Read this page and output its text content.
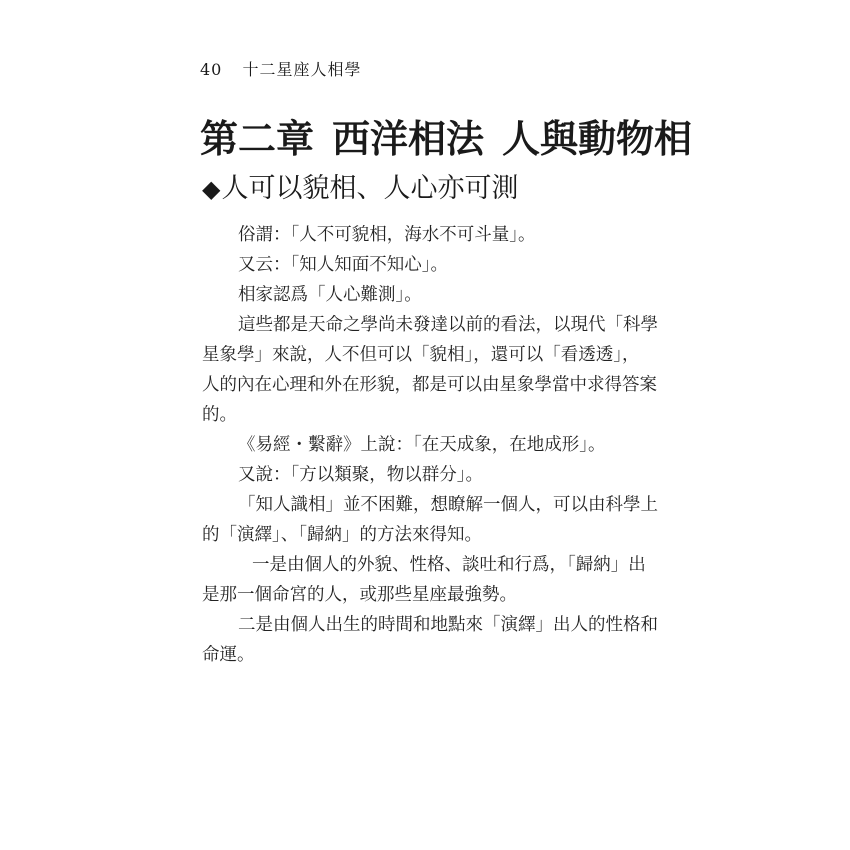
40 十二星座人相學
第二章 西洋相法 人與動物相
◆人可以貌相、人心亦可測
俗謂：「人不可貌相，海水不可斗量」。
又云：「知人知面不知心」。
相家認爲「人心難測」。
這些都是天命之學尚未發達以前的看法，以現代「科學
星象學」來說，人不但可以「貌相」，還可以「看透透」，
人的內在心理和外在形貌，都是可以由星象學當中求得答案
的。
《易經・繫辭》上說：「在天成象，在地成形」。
又說：「方以類聚，物以群分」。
「知人識相」並不困難，想瞭解一個人，可以由科學上
的「演繹」、「歸納」的方法來得知。
一是由個人的外貌、性格、談吐和行爲，「歸納」出
是那一個命宮的人，或那些星座最強勢。
二是由個人出生的時間和地點來「演繹」出人的性格和
命運。
